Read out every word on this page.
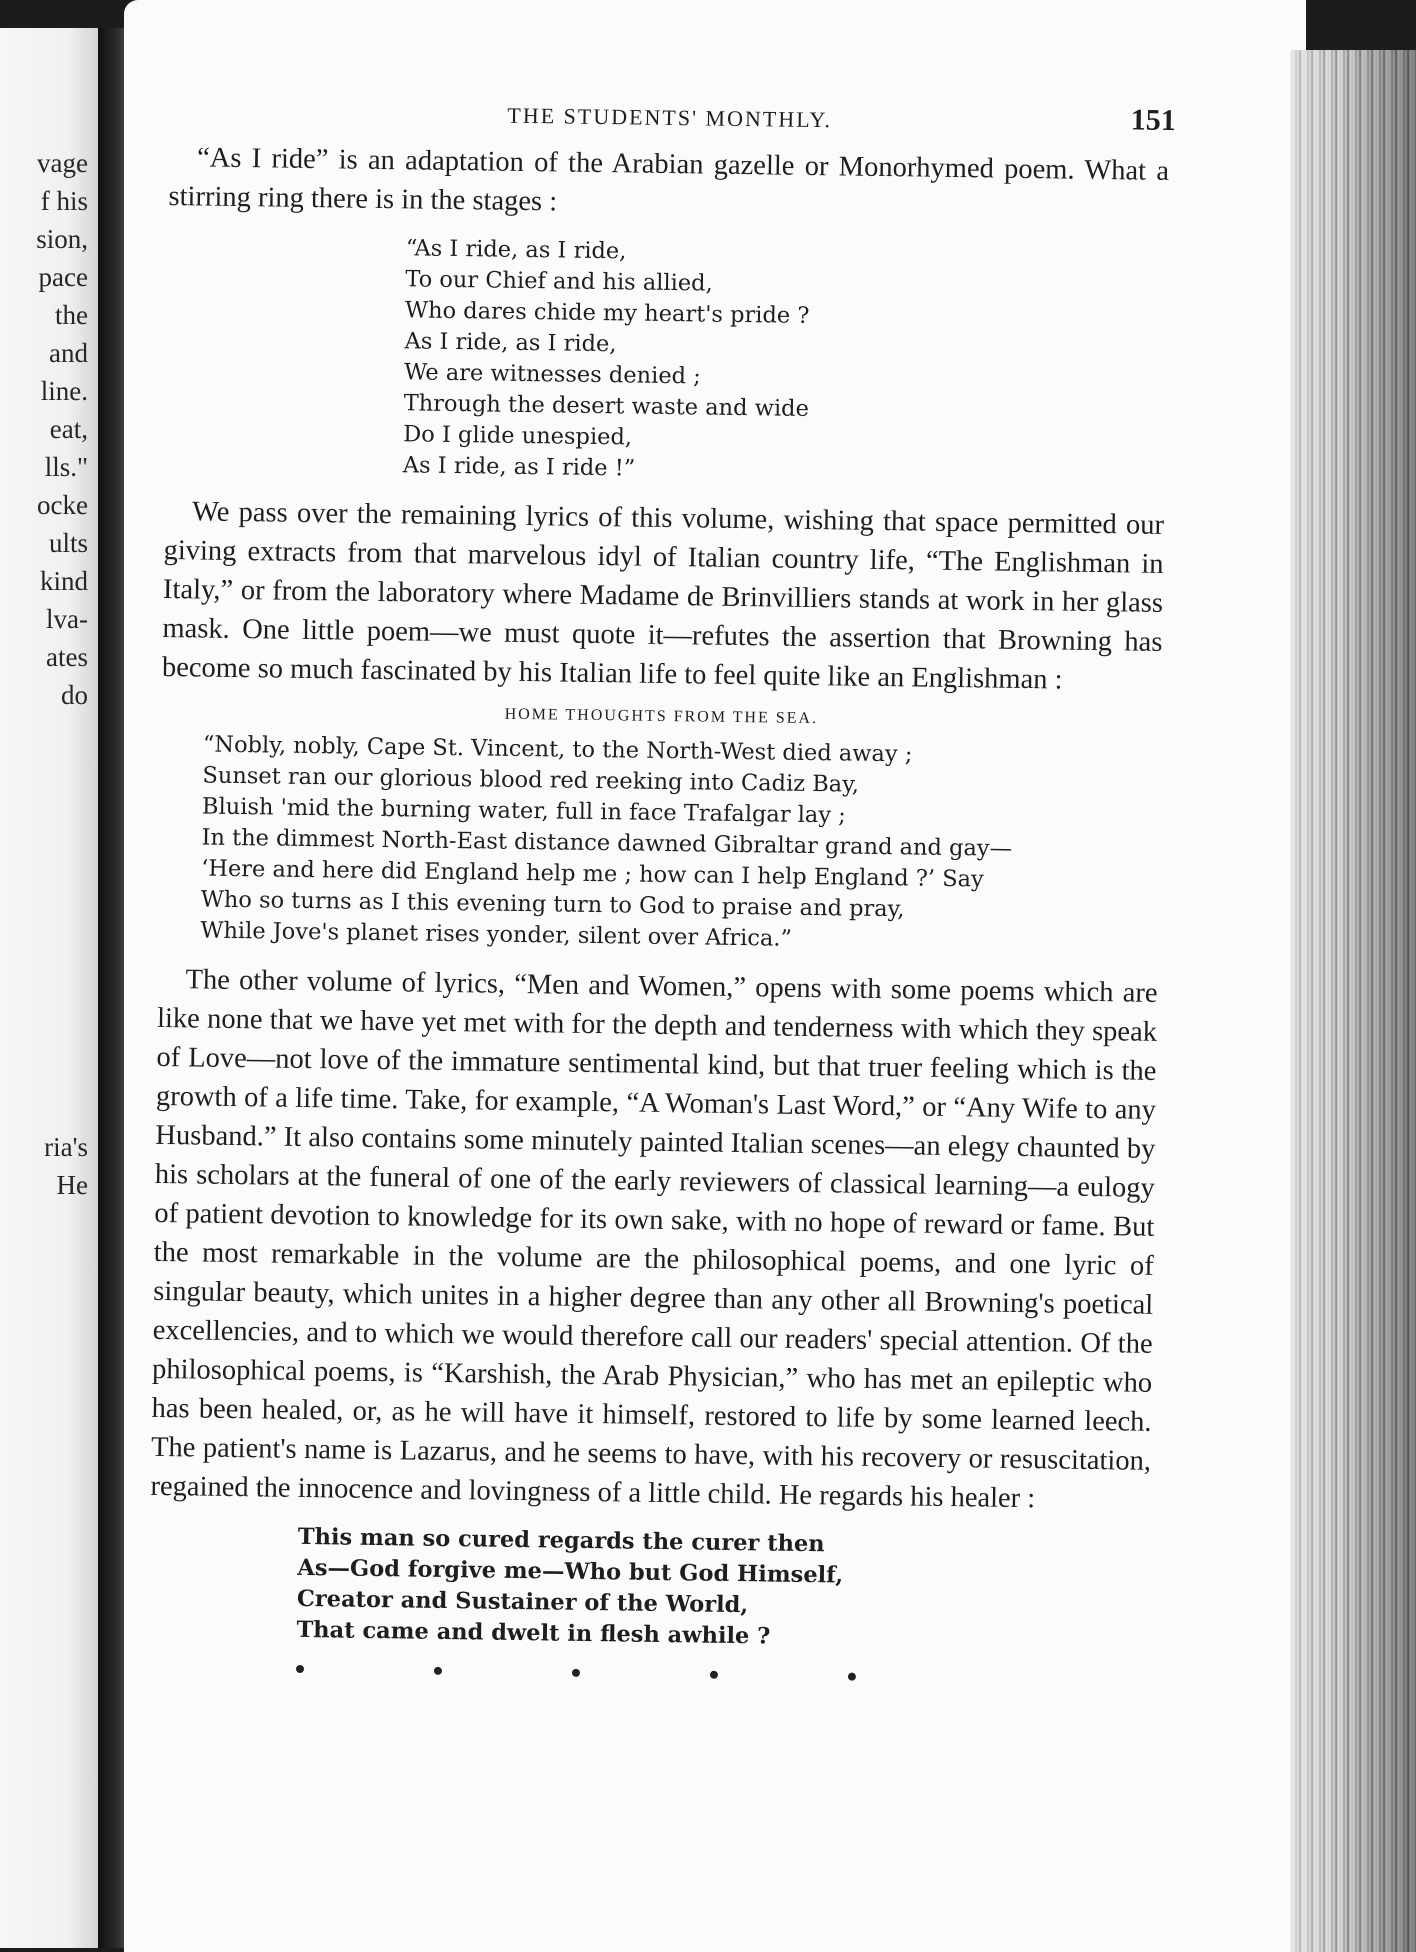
vage
f his
sion,
pace
the
and
line.
eat,
lls."
ocke
ults
kind
lva-
ates
do
ria's
He
THE STUDENTS' MONTHLY.	151

“As I ride” is an adaptation of the Arabian gazelle or Monorhymed poem. What a stirring ring there is in the stages :

“As I ride, as I ride,
To our Chief and his allied,
Who dares chide my heart's pride ?
As I ride, as I ride,
We are witnesses denied ;
Through the desert waste and wide
Do I glide unespied,
As I ride, as I ride !”

We pass over the remaining lyrics of this volume, wishing that space permitted our giving extracts from that marvelous idyl of Italian country life, “The Englishman in Italy,” or from the laboratory where Madame de Brinvilliers stands at work in her glass mask. One little poem—we must quote it—refutes the assertion that Browning has become so much fascinated by his Italian life to feel quite like an Englishman :

HOME THOUGHTS FROM THE SEA.
“Nobly, nobly, Cape St. Vincent, to the North-West died away ;
Sunset ran our glorious blood red reeking into Cadiz Bay,
Bluish 'mid the burning water, full in face Trafalgar lay ;
In the dimmest North-East distance dawned Gibraltar grand and gay—
‘Here and here did England help me ; how can I help England ?’ Say
Who so turns as I this evening turn to God to praise and pray,
While Jove's planet rises yonder, silent over Africa.”

The other volume of lyrics, “Men and Women,” opens with some poems which are like none that we have yet met with for the depth and tenderness with which they speak of Love—not love of the immature sentimental kind, but that truer feeling which is the growth of a life time. Take, for example, “A Woman's Last Word,” or “Any Wife to any Husband.” It also contains some minutely painted Italian scenes—an elegy chaunted by his scholars at the funeral of one of the early reviewers of classical learning—a eulogy of patient devotion to knowledge for its own sake, with no hope of reward or fame. But the most remarkable in the volume are the philosophical poems, and one lyric of singular beauty, which unites in a higher degree than any other all Browning's poetical excellencies, and to which we would therefore call our readers' special attention. Of the philosophical poems, is “Karshish, the Arab Physician,” who has met an epileptic who has been healed, or, as he will have it himself, restored to life by some learned leech. The patient's name is Lazarus, and he seems to have, with his recovery or resuscitation, regained the innocence and lovingness of a little child. He regards his healer :

This man so cured regards the curer then
As—God forgive me—Who but God Himself,
Creator and Sustainer of the World,
That came and dwelt in flesh awhile ?
